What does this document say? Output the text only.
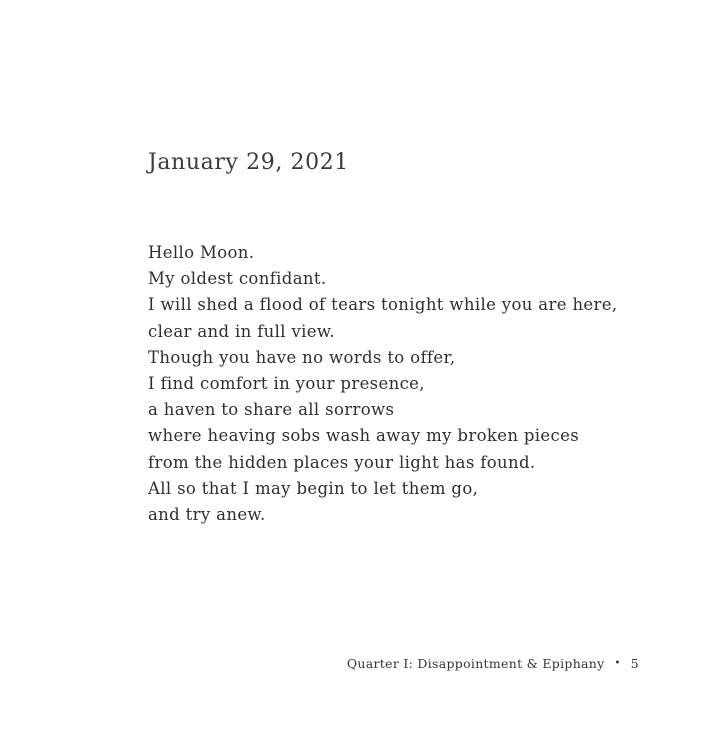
January 29, 2021
Hello Moon.
My oldest confidant.
I will shed a flood of tears tonight while you are here,
clear and in full view.
Though you have no words to offer,
I find comfort in your presence,
a haven to share all sorrows
where heaving sobs wash away my broken pieces
from the hidden places your light has found.
All so that I may begin to let them go,
and try anew.
Quarter I: Disappointment & Epiphany • 5
